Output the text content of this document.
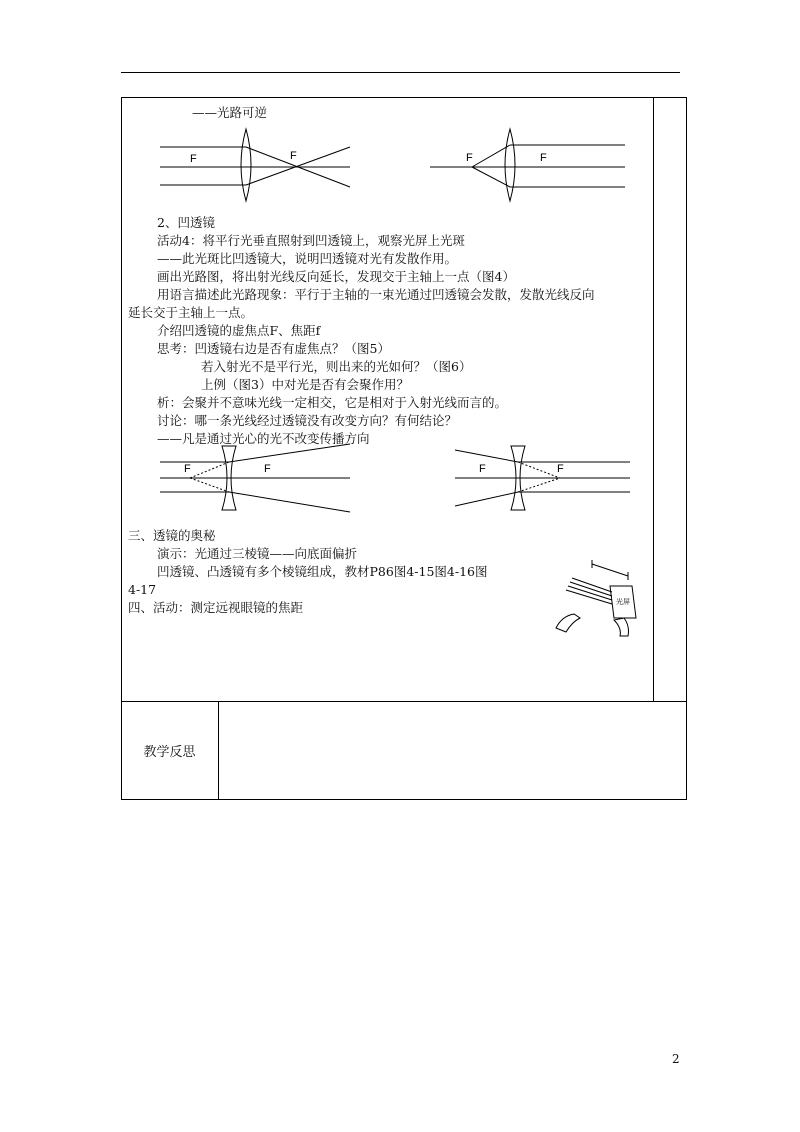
——光路可逆
F	F	F	F
2、凹透镜
活动4：将平行光垂直照射到凹透镜上，观察光屏上光斑
——此光斑比凹透镜大，说明凹透镜对光有发散作用。
画出光路图，将出射光线反向延长，发现交于主轴上一点（图4）
用语言描述此光路现象：平行于主轴的一束光通过凹透镜会发散，发散光线反向
延长交于主轴上一点。
介绍凹透镜的虚焦点F、焦距f
思考：凹透镜右边是否有虚焦点？（图5）
若入射光不是平行光，则出来的光如何？（图6）
上例（图3）中对光是否有会聚作用？
析：会聚并不意味光线一定相交，它是相对于入射光线而言的。
讨论：哪一条光线经过透镜没有改变方向？有何结论？
——凡是通过光心的光不改变传播方向
F	F	F	F
三、透镜的奥秘
演示：光通过三棱镜——向底面偏折
凹透镜、凸透镜有多个棱镜组成，教材P86图4-15图4-16图
4-17
四、活动：测定远视眼镜的焦距	光屏
教学反思
2
